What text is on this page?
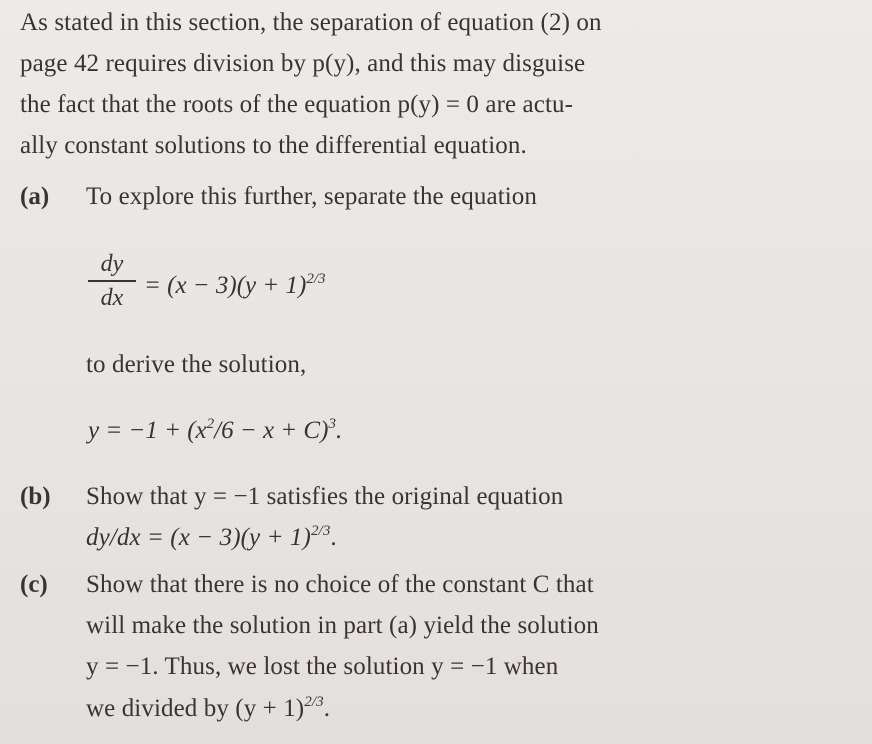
As stated in this section, the separation of equation (2) on
page 42 requires division by p(y), and this may disguise
the fact that the roots of the equation p(y) = 0 are actu-
ally constant solutions to the differential equation.
(a) To explore this further, separate the equation
dy
dx = $(x - 3)(y + 1)^{2/3}$
to derive the solution,
$y = -1 + (x^2/6 - x + C)^3$.
(b) Show that y = −1 satisfies the original equation
$dy/dx = (x - 3)(y + 1)^{2/3}$.
(c) Show that there is no choice of the constant C that
will make the solution in part (a) yield the solution
y = −1. Thus, we lost the solution y = −1 when
we divided by $(y + 1)^{2/3}$.
